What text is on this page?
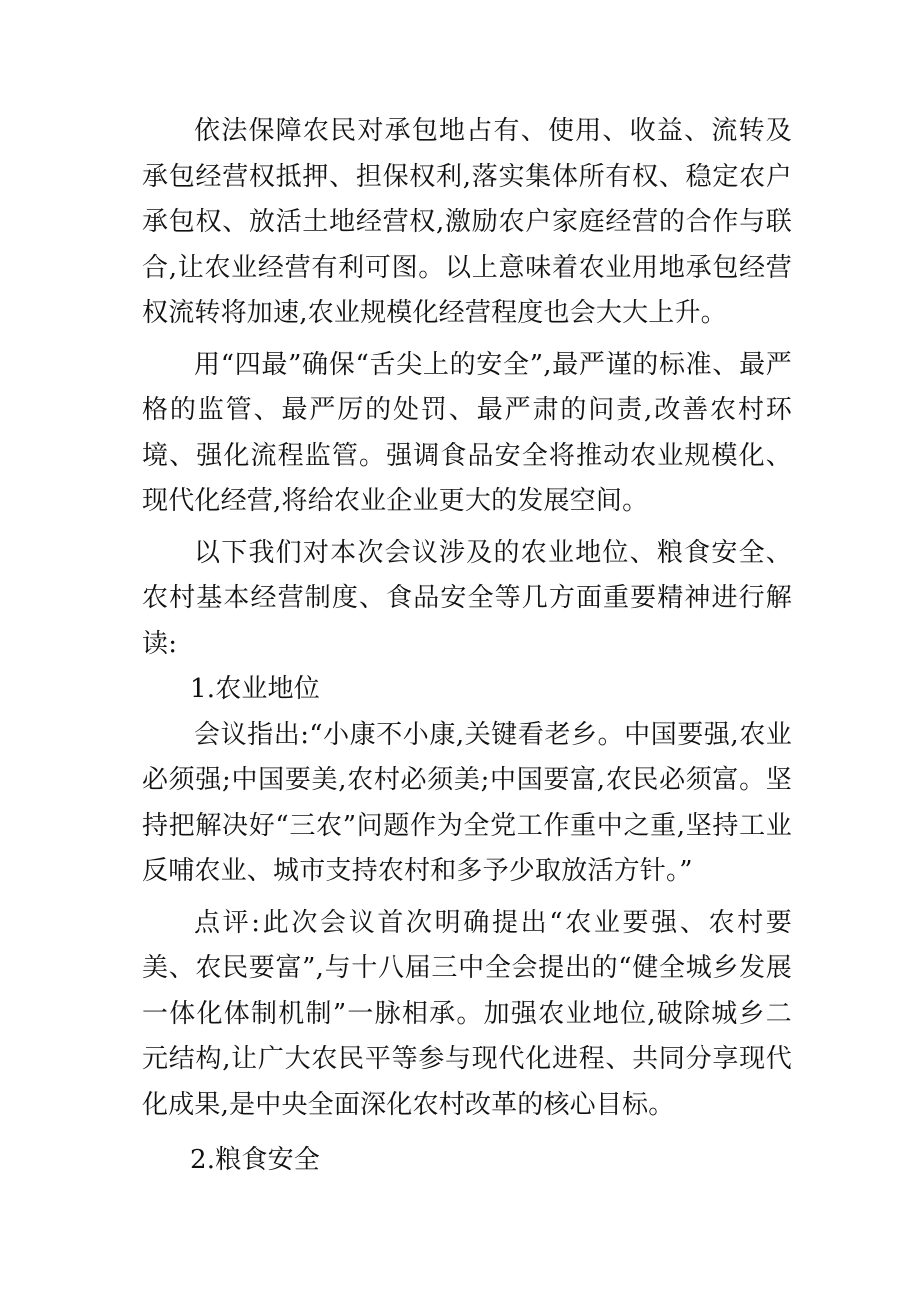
依法保障农民对承包地占有、使用、收益、流转及承包经营权抵押、担保权利,落实集体所有权、稳定农户承包权、放活土地经营权,激励农户家庭经营的合作与联合,让农业经营有利可图。以上意味着农业用地承包经营权流转将加速,农业规模化经营程度也会大大上升。

用“四最”确保“舌尖上的安全”,最严谨的标准、最严格的监管、最严厉的处罚、最严肃的问责,改善农村环境、强化流程监管。强调食品安全将推动农业规模化、现代化经营,将给农业企业更大的发展空间。

以下我们对本次会议涉及的农业地位、粮食安全、农村基本经营制度、食品安全等几方面重要精神进行解读:

1.农业地位

会议指出:“小康不小康,关键看老乡。中国要强,农业必须强;中国要美,农村必须美;中国要富,农民必须富。坚持把解决好“三农”问题作为全党工作重中之重,坚持工业反哺农业、城市支持农村和多予少取放活方针。”

点评:此次会议首次明确提出“农业要强、农村要美、农民要富”,与十八届三中全会提出的“健全城乡发展一体化体制机制”一脉相承。加强农业地位,破除城乡二元结构,让广大农民平等参与现代化进程、共同分享现代化成果,是中央全面深化农村改革的核心目标。

2.粮食安全
